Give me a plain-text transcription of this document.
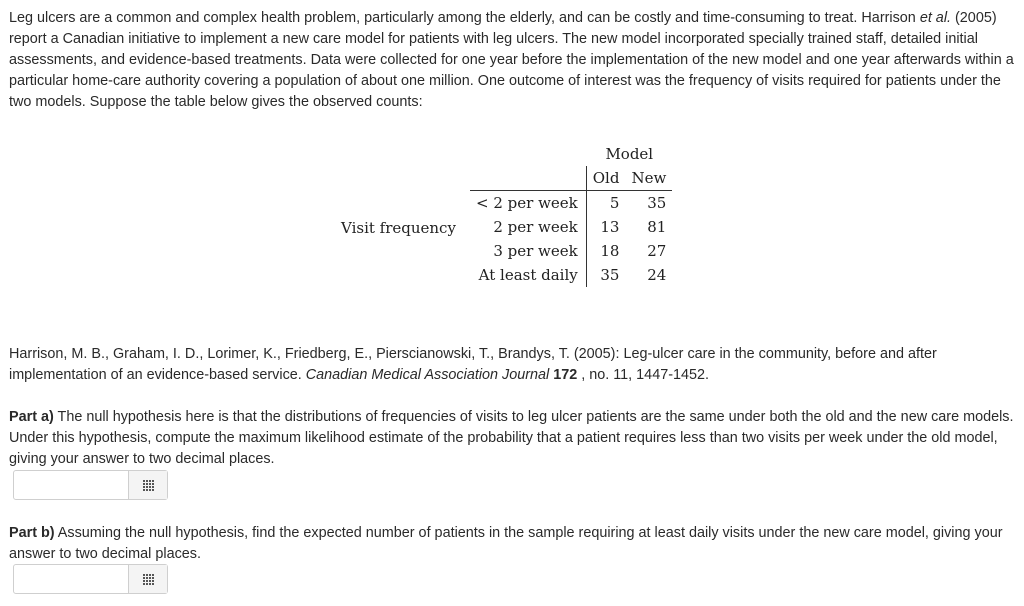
Leg ulcers are a common and complex health problem, particularly among the elderly, and can be costly and time-consuming to treat. Harrison et al. (2005) report a Canadian initiative to implement a new care model for patients with leg ulcers. The new model incorporated specially trained staff, detailed initial assessments, and evidence-based treatments. Data were collected for one year before the implementation of the new model and one year afterwards within a particular home-care authority covering a population of about one million. One outcome of interest was the frequency of visits required for patients under the two models. Suppose the table below gives the observed counts:

Visit frequency
	Model	
	Old	New
< 2 per week	5	35
2 per week	13	81
3 per week	18	27
At least daily	35	24

Harrison, M. B., Graham, I. D., Lorimer, K., Friedberg, E., Pierscianowski, T., Brandys, T. (2005): Leg-ulcer care in the community, before and after implementation of an evidence-based service. Canadian Medical Association Journal 172 , no. 11, 1447-1452.

Part a) The null hypothesis here is that the distributions of frequencies of visits to leg ulcer patients are the same under both the old and the new care models. Under this hypothesis, compute the maximum likelihood estimate of the probability that a patient requires less than two visits per week under the old model, giving your answer to two decimal places.

Part b) Assuming the null hypothesis, find the expected number of patients in the sample requiring at least daily visits under the new care model, giving your answer to two decimal places.
